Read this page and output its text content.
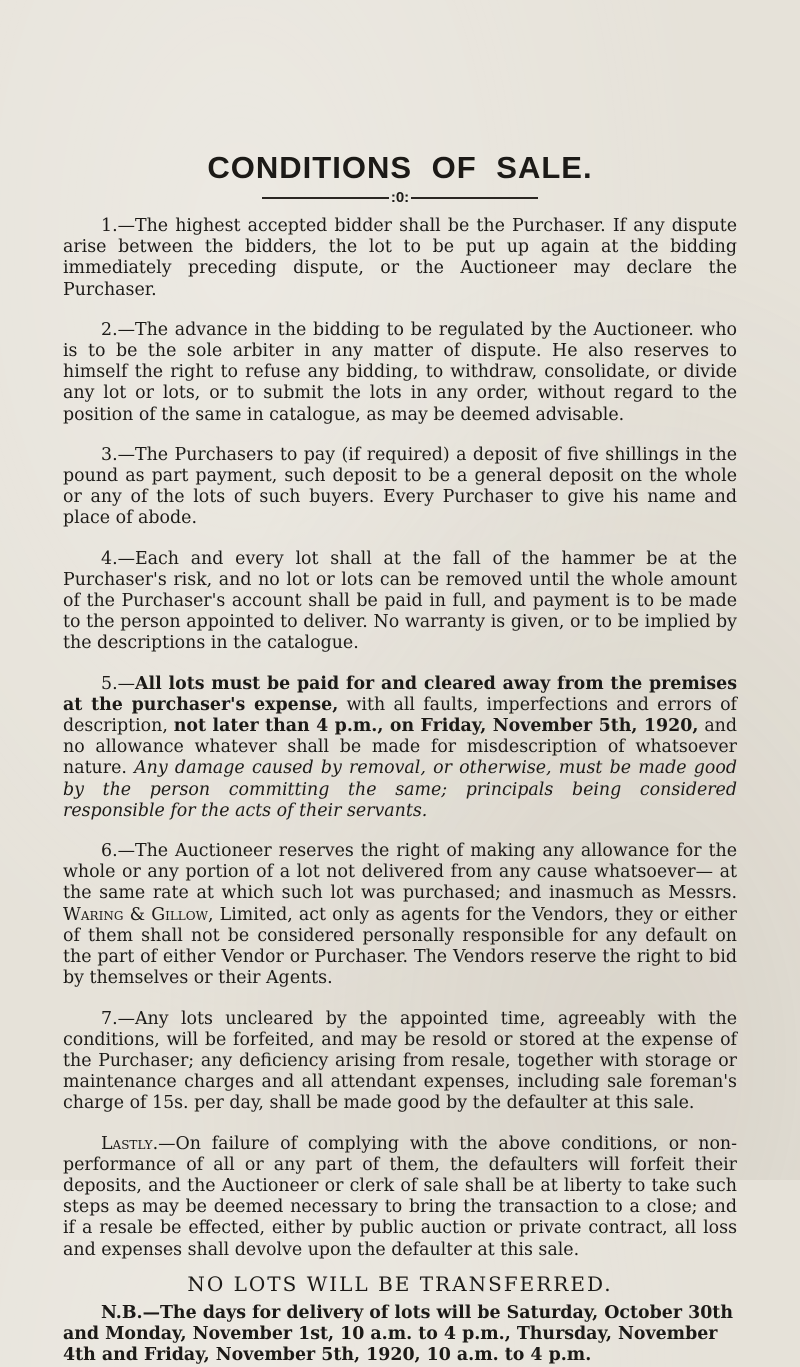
CONDITIONS OF SALE.
:0:

1.—The highest accepted bidder shall be the Purchaser. If any dispute arise between the bidders, the lot to be put up again at the bidding immediately preceding dispute, or the Auctioneer may declare the Purchaser.

2.—The advance in the bidding to be regulated by the Auctioneer. who is to be the sole arbiter in any matter of dispute. He also reserves to himself the right to refuse any bidding, to withdraw, consolidate, or divide any lot or lots, or to submit the lots in any order, without regard to the position of the same in catalogue, as may be deemed advisable.

3.—The Purchasers to pay (if required) a deposit of five shillings in the pound as part payment, such deposit to be a general deposit on the whole or any of the lots of such buyers. Every Purchaser to give his name and place of abode.

4.—Each and every lot shall at the fall of the hammer be at the Purchaser's risk, and no lot or lots can be removed until the whole amount of the Purchaser's account shall be paid in full, and payment is to be made to the person appointed to deliver. No warranty is given, or to be implied by the descriptions in the catalogue.

5.—All lots must be paid for and cleared away from the premises at the purchaser's expense, with all faults, imperfections and errors of description, not later than 4 p.m., on Friday, November 5th, 1920, and no allowance whatever shall be made for misdescription of whatsoever nature. Any damage caused by removal, or otherwise, must be made good by the person committing the same; principals being considered responsible for the acts of their servants.

6.—The Auctioneer reserves the right of making any allowance for the whole or any portion of a lot not delivered from any cause whatsoever— at the same rate at which such lot was purchased; and inasmuch as Messrs. Waring & Gillow, Limited, act only as agents for the Vendors, they or either of them shall not be considered personally responsible for any default on the part of either Vendor or Purchaser. The Vendors reserve the right to bid by themselves or their Agents.

7.—Any lots uncleared by the appointed time, agreeably with the conditions, will be forfeited, and may be resold or stored at the expense of the Purchaser; any deficiency arising from resale, together with storage or maintenance charges and all attendant expenses, including sale foreman's charge of 15s. per day, shall be made good by the defaulter at this sale.

Lastly.—On failure of complying with the above conditions, or non-performance of all or any part of them, the defaulters will forfeit their deposits, and the Auctioneer or clerk of sale shall be at liberty to take such steps as may be deemed necessary to bring the transaction to a close; and if a resale be effected, either by public auction or private contract, all loss and expenses shall devolve upon the defaulter at this sale.

NO LOTS WILL BE TRANSFERRED.

N.B.—The days for delivery of lots will be Saturday, October 30th and Monday, November 1st, 10 a.m. to 4 p.m., Thursday, November 4th and Friday, November 5th, 1920, 10 a.m. to 4 p.m.
